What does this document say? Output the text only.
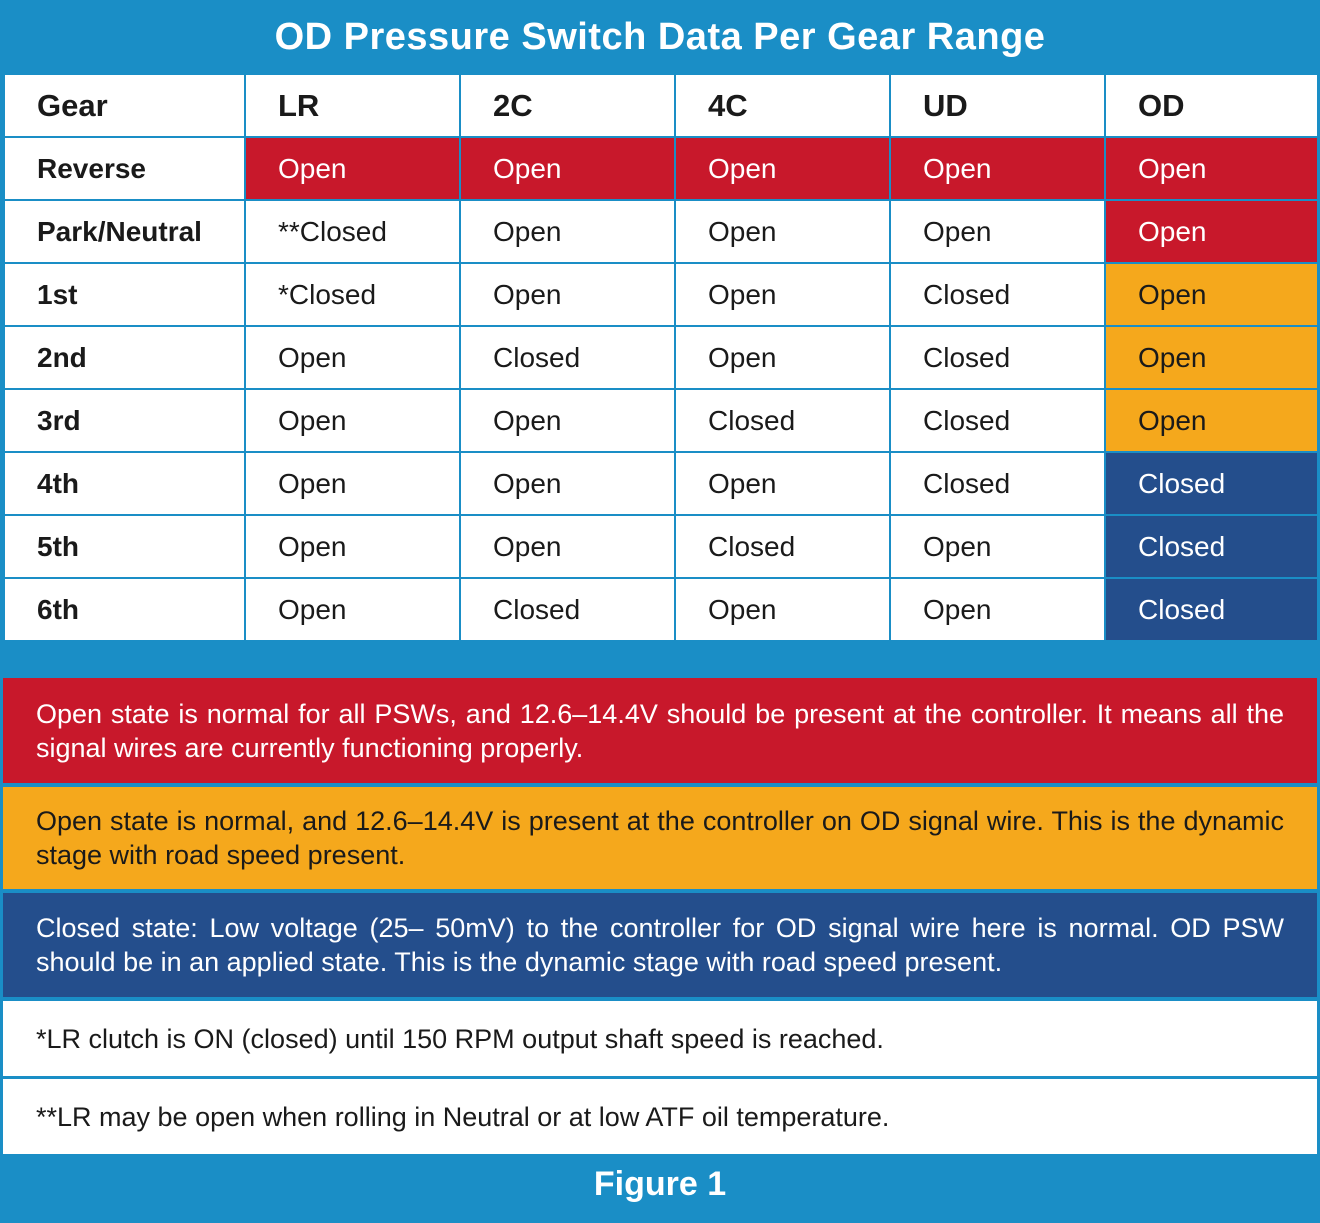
OD Pressure Switch Data Per Gear Range
Gear	LR	2C	4C	UD	OD
Reverse	Open	Open	Open	Open	Open
Park/Neutral	**Closed	Open	Open	Open	Open
1st	*Closed	Open	Open	Closed	Open
2nd	Open	Closed	Open	Closed	Open
3rd	Open	Open	Closed	Closed	Open
4th	Open	Open	Open	Closed	Closed
5th	Open	Open	Closed	Open	Closed
6th	Open	Closed	Open	Open	Closed
Open state is normal for all PSWs, and 12.6–14.4V should be present at the controller. It means all the signal wires are currently functioning properly.
Open state is normal, and 12.6–14.4V is present at the controller on OD signal wire. This is the dynamic stage with road speed present.
Closed state: Low voltage (25– 50mV) to the controller for OD signal wire here is normal. OD PSW should be in an applied state. This is the dynamic stage with road speed present.
*LR clutch is ON (closed) until 150 RPM output shaft speed is reached.
**LR may be open when rolling in Neutral or at low ATF oil temperature.
Figure 1
